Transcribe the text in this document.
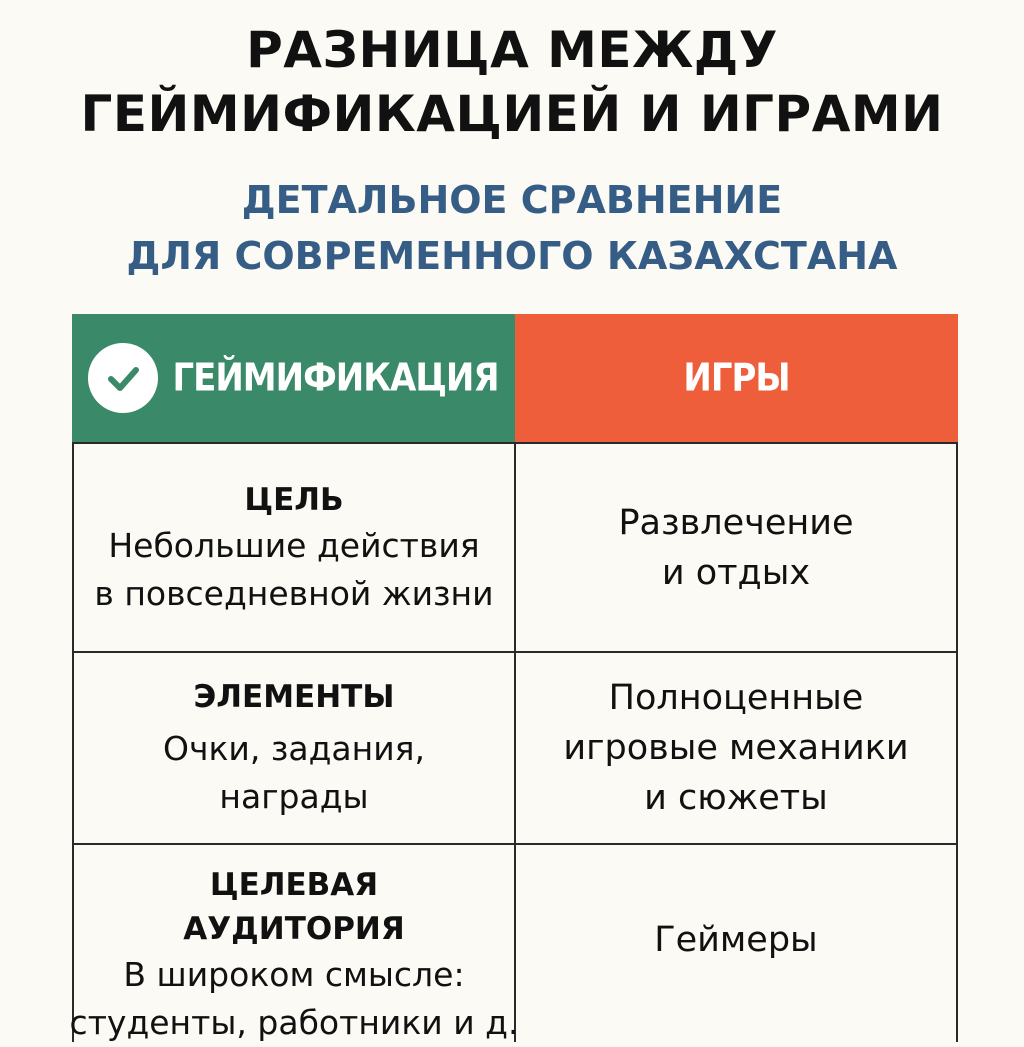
РАЗНИЦА МЕЖДУ
ГЕЙМИФИКАЦИЕЙ И ИГРАМИ
ДЕТАЛЬНОЕ СРАВНЕНИЕ
ДЛЯ СОВРЕМЕННОГО КАЗАХСТАНА
ГЕЙМИФИКАЦИЯ	ИГРЫ
ЦЕЛЬ
Небольшие действия
в повседневной жизни
Развлечение
и отдых
ЭЛЕМЕНТЫ
Очки, задания,
награды
Полноценные
игровые механики
и сюжеты
ЦЕЛЕВАЯ
АУДИТОРИЯ
В широком смысле:
студенты, работники и д.
Геймеры
